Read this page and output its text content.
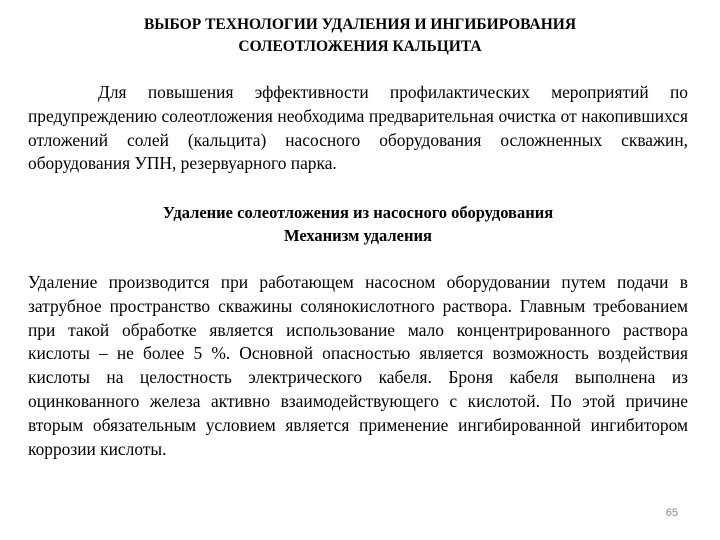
ВЫБОР ТЕХНОЛОГИИ УДАЛЕНИЯ И ИНГИБИРОВАНИЯ
СОЛЕОТЛОЖЕНИЯ КАЛЬЦИТА
Для повышения эффективности профилактических мероприятий по предупреждению солеотложения необходима предварительная очистка от накопившихся отложений солей (кальцита) насосного оборудования осложненных скважин, оборудования УПН, резервуарного парка.
Удаление солеотложения из насосного оборудования
Механизм удаления
Удаление производится при работающем насосном оборудовании путем подачи в затрубное пространство скважины солянокислотного раствора. Главным требованием при такой обработке является использование мало концентрированного раствора кислоты – не более 5 %. Основной опасностью является возможность воздействия кислоты на целостность электрического кабеля. Броня кабеля выполнена из оцинкованного железа активно взаимодействующего с кислотой. По этой причине вторым обязательным условием является применение ингибированной ингибитором коррозии кислоты.
65
